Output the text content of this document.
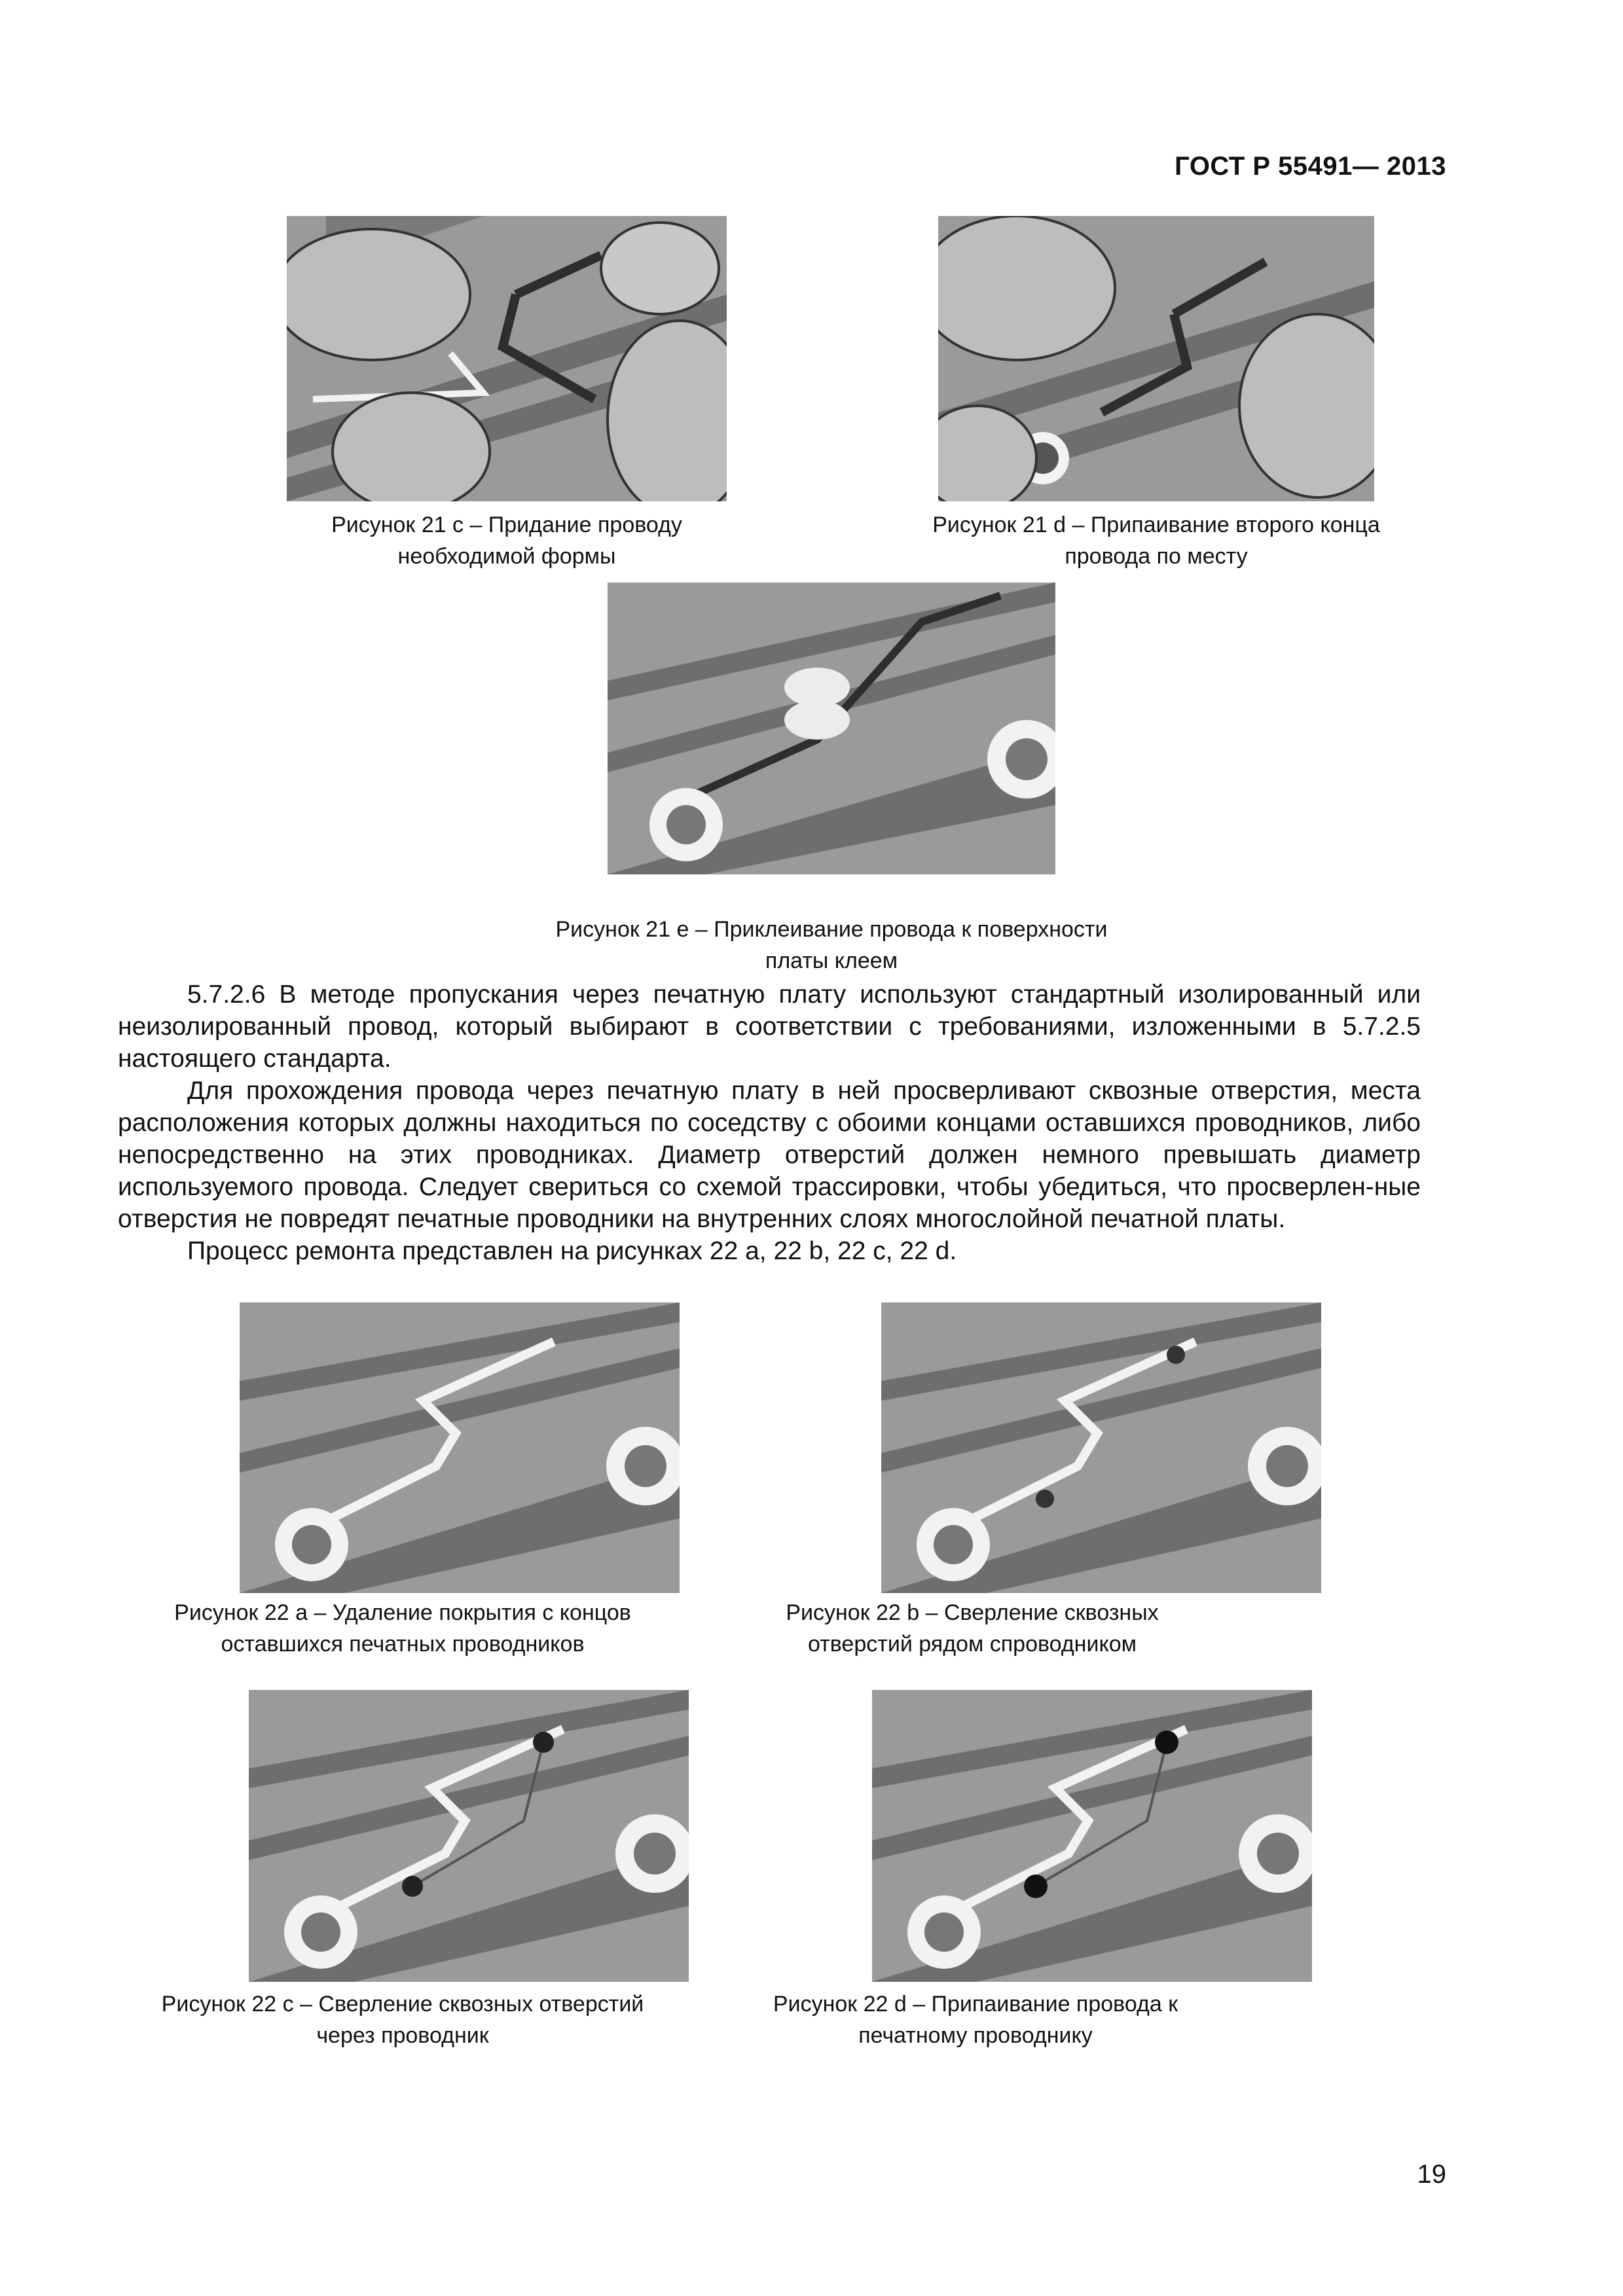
ГОСТ Р 55491— 2013
Рисунок 21 c – Придание проводу
необходимой формы
Рисунок 21 d – Припаивание второго конца
провода по месту
Рисунок 21 e – Приклеивание провода к поверхности
платы клеем

5.7.2.6 В методе пропускания через печатную плату используют стандартный изолированный или неизолированный провод, который выбирают в соответствии с требованиями, изложенными в 5.7.2.5 настоящего стандарта.

Для прохождения провода через печатную плату в ней просверливают сквозные отверстия, места расположения которых должны находиться по соседству с обоими концами оставшихся проводников, либо непосредственно на этих проводниках. Диаметр отверстий должен немного превышать диаметр используемого провода. Следует свериться со схемой трассировки, чтобы убедиться, что просверлен-ные отверстия не повредят печатные проводники на внутренних слоях многослойной печатной платы.

Процесс ремонта представлен на рисунках 22 a, 22 b, 22 c, 22 d.

Рисунок 22 a – Удаление покрытия с концов
оставшихся печатных проводников
Рисунок 22 b – Сверление сквозных
отверстий рядом спроводником
Рисунок 22 c – Сверление сквозных отверстий
через проводник
Рисунок 22 d – Припаивание провода к
печатному проводнику
19
